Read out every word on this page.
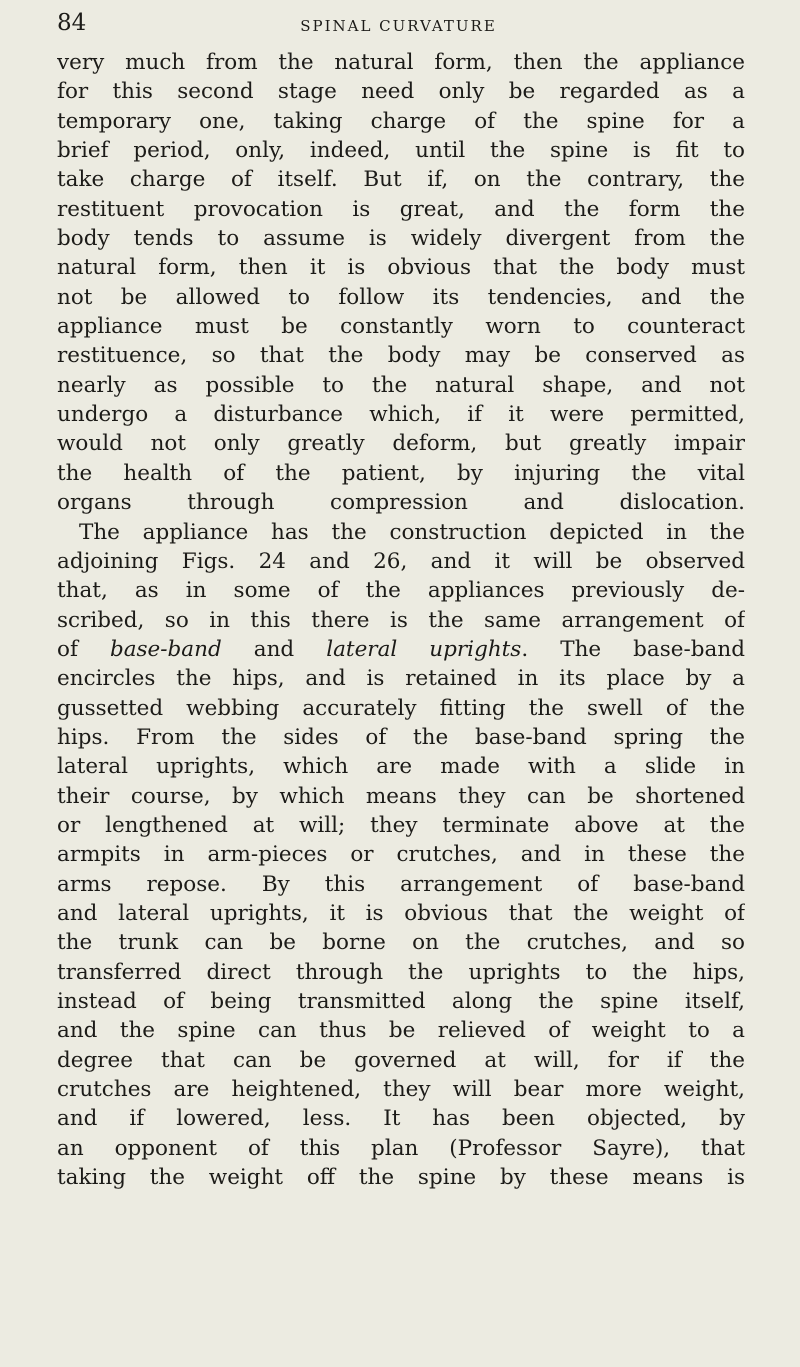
84	SPINAL CURVATURE
very much from the natural form, then the appliance
for this second stage need only be regarded as a
temporary one, taking charge of the spine for a
brief period, only, indeed, until the spine is fit to
take charge of itself. But if, on the contrary, the
restituent provocation is great, and the form the
body tends to assume is widely divergent from the
natural form, then it is obvious that the body must
not be allowed to follow its tendencies, and the
appliance must be constantly worn to counteract
restituence, so that the body may be conserved as
nearly as possible to the natural shape, and not
undergo a disturbance which, if it were permitted,
would not only greatly deform, but greatly impair
the health of the patient, by injuring the vital
organs through compression and dislocation.
The appliance has the construction depicted in the
adjoining Figs. 24 and 26, and it will be observed
that, as in some of the appliances previously de-
scribed, so in this there is the same arrangement of
of base-band and lateral uprights. The base-band
encircles the hips, and is retained in its place by a
gussetted webbing accurately fitting the swell of the
hips. From the sides of the base-band spring the
lateral uprights, which are made with a slide in
their course, by which means they can be shortened
or lengthened at will; they terminate above at the
armpits in arm-pieces or crutches, and in these the
arms repose. By this arrangement of base-band
and lateral uprights, it is obvious that the weight of
the trunk can be borne on the crutches, and so
transferred direct through the uprights to the hips,
instead of being transmitted along the spine itself,
and the spine can thus be relieved of weight to a
degree that can be governed at will, for if the
crutches are heightened, they will bear more weight,
and if lowered, less. It has been objected, by
an opponent of this plan (Professor Sayre), that
taking the weight off the spine by these means is
